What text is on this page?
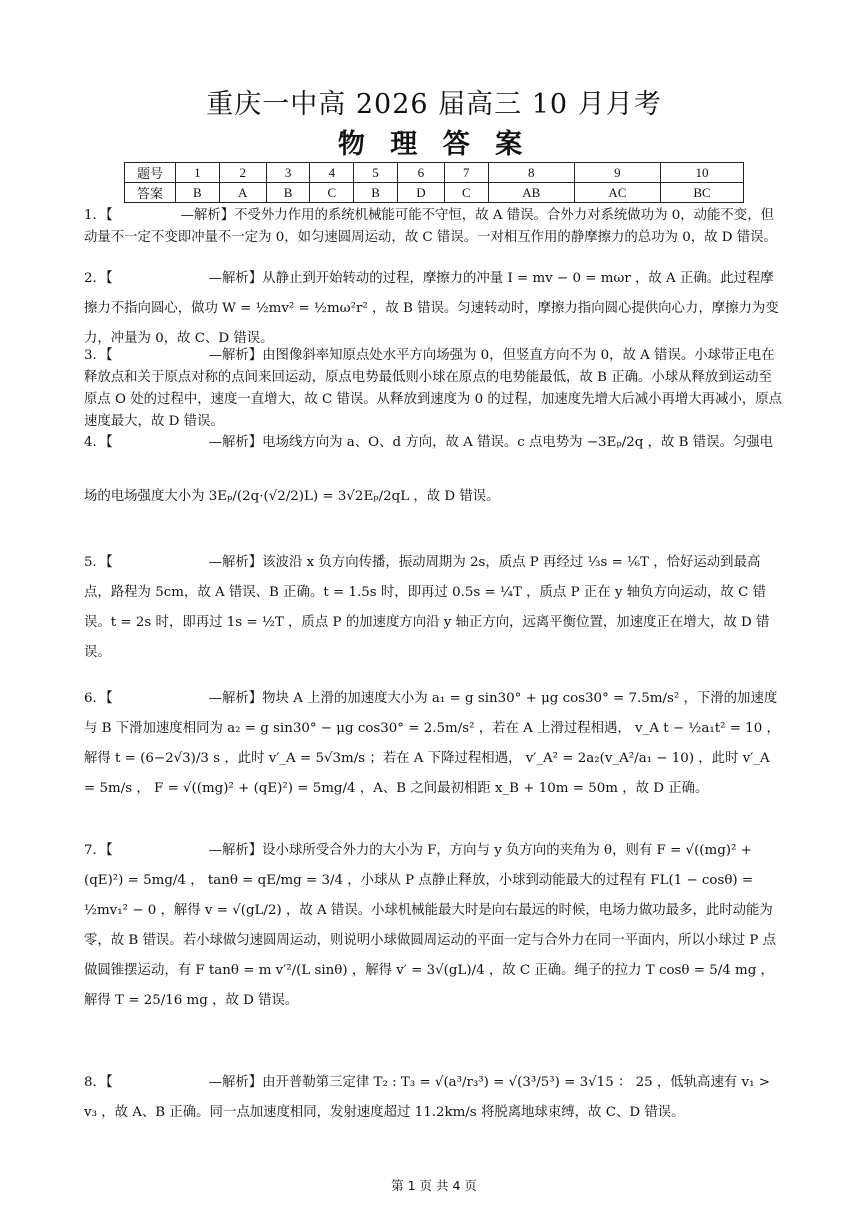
重庆一中高 2026 届高三 10 月月考
物 理 答 案
题号	1	2	3	4	5	6	7	8	9	10
答案	B	A	B	C	B	D	C	AB	AC	BC
1．【	—解析】不受外力作用的系统机械能可能不守恒，故 A 错误。合外力对系统做功为 0，动能不变，但动量不一定不变即冲量不一定为 0，如匀速圆周运动，故 C 错误。一对相互作用的静摩擦力的总功为 0，故 D 错误。
2．【	—解析】从静止到开始转动的过程，摩擦力的冲量 I = mv − 0 = mωr ，故 A 正确。此过程摩擦力不指向圆心，做功 W = ½mv² = ½mω²r² ，故 B 错误。匀速转动时，摩擦力指向圆心提供向心力，摩擦力为变力，冲量为 0，故 C、D 错误。
3．【	—解析】由图像斜率知原点处水平方向场强为 0，但竖直方向不为 0，故 A 错误。小球带正电在释放点和关于原点对称的点间来回运动，原点电势最低则小球在原点的电势能最低，故 B 正确。小球从释放到运动至原点 O 处的过程中，速度一直增大，故 C 错误。从释放到速度为 0 的过程，加速度先增大后减小再增大再减小，原点速度最大，故 D 错误。
4．【	—解析】电场线方向为 a、O、d 方向，故 A 错误。c 点电势为 −3Eₚ/2q ，故 B 错误。匀强电
场的电场强度大小为 3Eₚ/(2q·(√2/2)L) = 3√2Eₚ/2qL ，故 D 错误。
5．【	—解析】该波沿 x 负方向传播，振动周期为 2s，质点 P 再经过 ⅓s = ⅙T ，恰好运动到最高点，路程为 5cm，故 A 错误、B 正确。t = 1.5s 时，即再过 0.5s = ¼T ，质点 P 正在 y 轴负方向运动，故 C 错误。t = 2s 时，即再过 1s = ½T ，质点 P 的加速度方向沿 y 轴正方向，远离平衡位置，加速度正在增大，故 D 错误。
6．【	—解析】物块 A 上滑的加速度大小为 a₁ = g sin30° + μg cos30° = 7.5m/s² ，下滑的加速度与 B 下滑加速度相同为 a₂ = g sin30° − μg cos30° = 2.5m/s² ，若在 A 上滑过程相遇， v_A t − ½a₁t² = 10 ，解得 t = (6−2√3)/3 s ，此时 v′_A = 5√3m/s ；若在 A 下降过程相遇， v′_A² = 2a₂(v_A²/a₁ − 10) ，此时 v′_A = 5m/s ， F = √((mg)² + (qE)²) = 5mg/4 ，A、B 之间最初相距 x_B + 10m = 50m ，故 D 正确。
7．【	—解析】设小球所受合外力的大小为 F，方向与 y 负方向的夹角为 θ，则有 F = √((mg)² + (qE)²) = 5mg/4 ， tanθ = qE/mg = 3/4 ，小球从 P 点静止释放，小球到动能最大的过程有 FL(1 − cosθ) = ½mv₁² − 0 ，解得 v = √(gL/2) ，故 A 错误。小球机械能最大时是向右最远的时候，电场力做功最多，此时动能为零，故 B 错误。若小球做匀速圆周运动，则说明小球做圆周运动的平面一定与合外力在同一平面内，所以小球过 P 点做圆锥摆运动，有 F tanθ = m v′²/(L sinθ) ，解得 v′ = 3√(gL)/4 ，故 C 正确。绳子的拉力 T cosθ = 5/4 mg ，解得 T = 25/16 mg ，故 D 错误。
8．【	—解析】由开普勒第三定律 T₂ : T₃ = √(a³/r₃³) = √(3³/5³) = 3√15 ： 25 ，低轨高速有 v₁ > v₃ ，故 A、B 正确。同一点加速度相同，发射速度超过 11.2km/s 将脱离地球束缚，故 C、D 错误。
第 1 页 共 4 页
